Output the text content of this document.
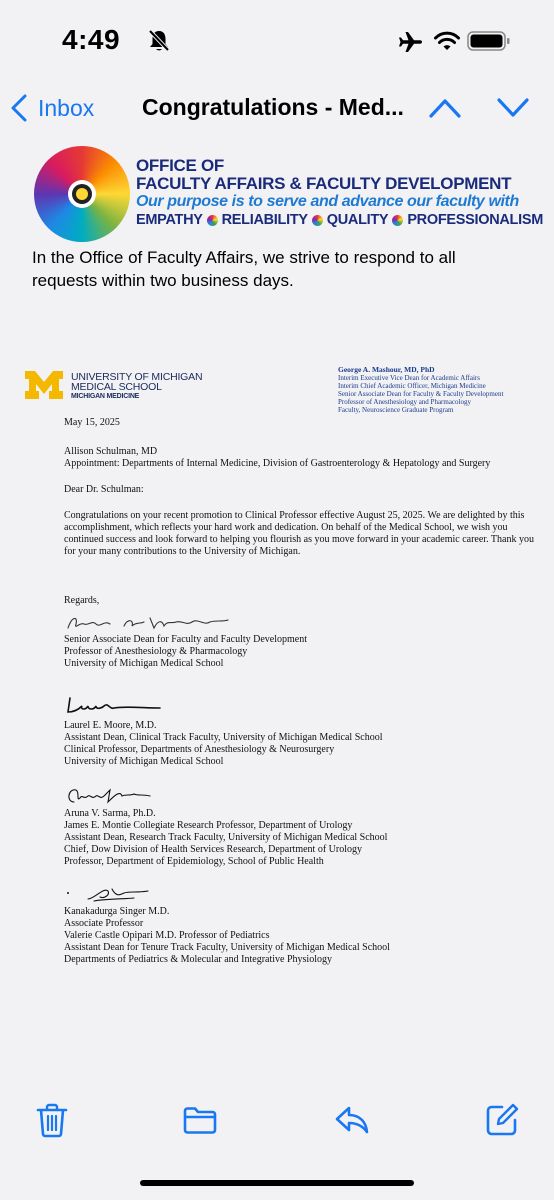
4:49
Inbox Congratulations - Med...
OFFICE OF
FACULTY AFFAIRS & FACULTY DEVELOPMENT
Our purpose is to serve and advance our faculty with
EMPATHY RELIABILITY QUALITY PROFESSIONALISM

In the Office of Faculty Affairs, we strive to respond to all requests within two business days.

UNIVERSITY OF MICHIGAN
MEDICAL SCHOOL
MICHIGAN MEDICINE
George A. Mashour, MD, PhD
Interim Executive Vice Dean for Academic Affairs
Interim Chief Academic Officer, Michigan Medicine
Senior Associate Dean for Faculty & Faculty Development
Professor of Anesthesiology and Pharmacology
Faculty, Neuroscience Graduate Program
May 15, 2025
Allison Schulman, MD
Appointment: Departments of Internal Medicine, Division of Gastroenterology & Hepatology and Surgery
Dear Dr. Schulman:
Congratulations on your recent promotion to Clinical Professor effective August 25, 2025. We are delighted by this accomplishment, which reflects your hard work and dedication. On behalf of the Medical School, we wish you continued success and look forward to helping you flourish as you move forward in your academic career. Thank you for your many contributions to the University of Michigan.
Regards,
Senior Associate Dean for Faculty and Faculty Development
Professor of Anesthesiology & Pharmacology
University of Michigan Medical School
Laurel E. Moore, M.D.
Assistant Dean, Clinical Track Faculty, University of Michigan Medical School
Clinical Professor, Departments of Anesthesiology & Neurosurgery
University of Michigan Medical School
Aruna V. Sarma, Ph.D.
James E. Montie Collegiate Research Professor, Department of Urology
Assistant Dean, Research Track Faculty, University of Michigan Medical School
Chief, Dow Division of Health Services Research, Department of Urology
Professor, Department of Epidemiology, School of Public Health
Kanakadurga Singer M.D.
Associate Professor
Valerie Castle Opipari M.D. Professor of Pediatrics
Assistant Dean for Tenure Track Faculty, University of Michigan Medical School
Departments of Pediatrics & Molecular and Integrative Physiology
